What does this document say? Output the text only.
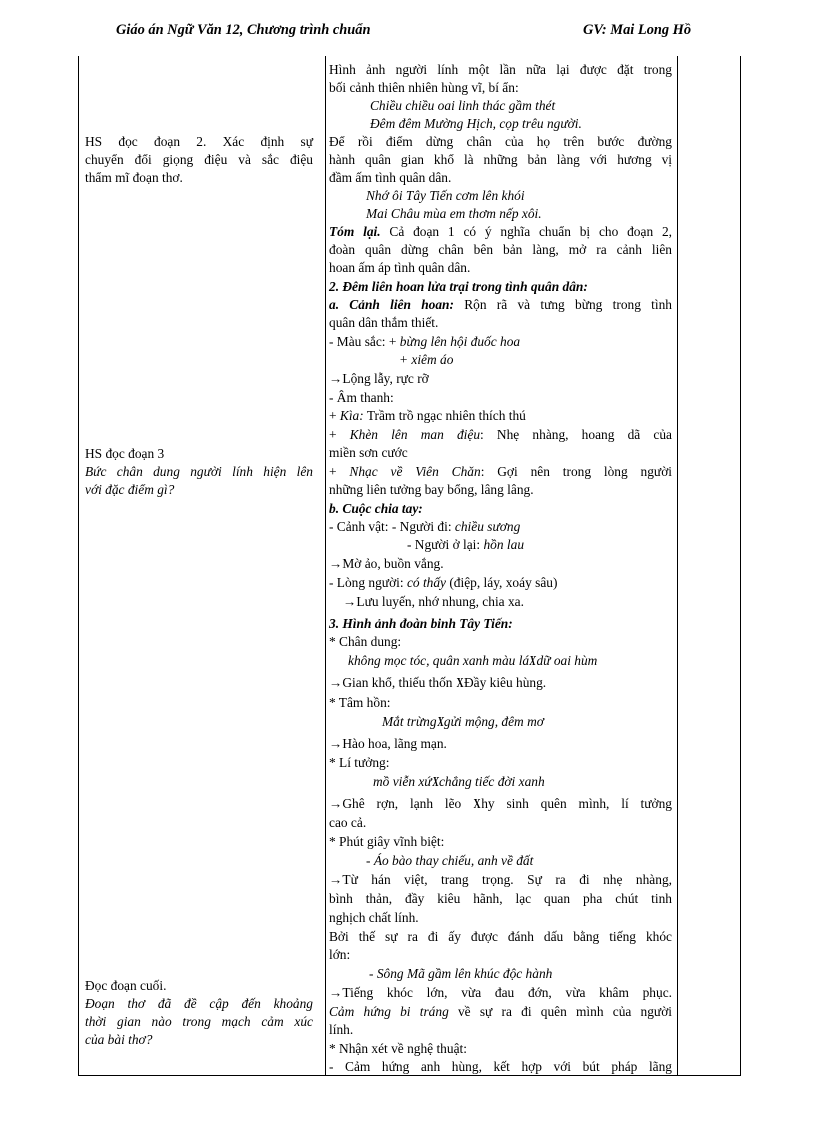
Giáo án Ngữ Văn 12, Chương trình chuẩn	GV: Mai Long Hồ
HS đọc đoạn 2. Xác định sự
chuyển đổi giọng điệu và sắc điệu
thẩm mĩ đoạn thơ.
HS đọc đoạn 3
Bức chân dung người lính hiện lên
với đặc điểm gì?
Đọc đoạn cuối.
Đoạn thơ đã đề cập đến khoảng
thời gian nào trong mạch cảm xúc
của bài thơ?
Hình ảnh người lính một lần nữa lại được đặt trong
bối cảnh thiên nhiên hùng vĩ, bí ẩn:
Chiều chiều oai linh thác gầm thét
Đêm đêm Mường Hịch, cọp trêu người.
Để rồi điểm dừng chân của họ trên bước đường
hành quân gian khổ là những bản làng với hương vị
đầm ấm tình quân dân.
Nhớ ôi Tây Tiến cơm lên khói
Mai Châu mùa em thơm nếp xôi.
Tóm lại. Cả đoạn 1 có ý nghĩa chuẩn bị cho đoạn 2,
đoàn quân dừng chân bên bản làng, mở ra cảnh liên
hoan ấm áp tình quân dân.
2. Đêm liên hoan lửa trại trong tình quân dân:
a. Cảnh liên hoan: Rộn rã và tưng bừng trong tình
quân dân thắm thiết.
- Màu sắc: + bừng lên hội đuốc hoa
+ xiêm áo
→Lộng lẫy, rực rỡ
- Âm thanh:
+ Kìa: Trầm trồ ngạc nhiên thích thú
+ Khèn lên man điệu: Nhẹ nhàng, hoang dã của
miền sơn cước
+ Nhạc về Viên Chăn: Gợi nên trong lòng người
những liên tưởng bay bổng, lâng lâng.
b. Cuộc chia tay:
- Cảnh vật: - Người đi: chiều sương
- Người ở lại: hồn lau
→Mờ ảo, buồn vắng.
- Lòng người: có thấy (điệp, láy, xoáy sâu)
→Lưu luyến, nhớ nhung, chia xa.
3. Hình ảnh đoàn binh Tây Tiến:
* Chân dung:
không mọc tóc, quân xanh màu láXdữ oai hùm
→Gian khổ, thiếu thốn XĐầy kiêu hùng.
* Tâm hồn:
Mắt trừngXgửi mộng, đêm mơ
→Hào hoa, lãng mạn.
* Lí tưởng:
mồ viễn xứXchẳng tiếc đời xanh
→Ghê rợn, lạnh lẽo Xhy sinh quên mình, lí tưởng
cao cả.
* Phút giây vĩnh biệt:
- Áo bào thay chiếu, anh về đất
→Từ hán việt, trang trọng. Sự ra đi nhẹ nhàng,
bình thản, đầy kiêu hãnh, lạc quan pha chút tinh
nghịch chất lính.
Bởi thế sự ra đi ấy được đánh dấu bằng tiếng khóc
lớn:
- Sông Mã gầm lên khúc độc hành
→Tiếng khóc lớn, vừa đau đớn, vừa khâm phục.
Cảm hứng bi tráng về sự ra đi quên mình của người
lính.
* Nhận xét về nghệ thuật:
- Cảm hứng anh hùng, kết hợp với bút pháp lãng
